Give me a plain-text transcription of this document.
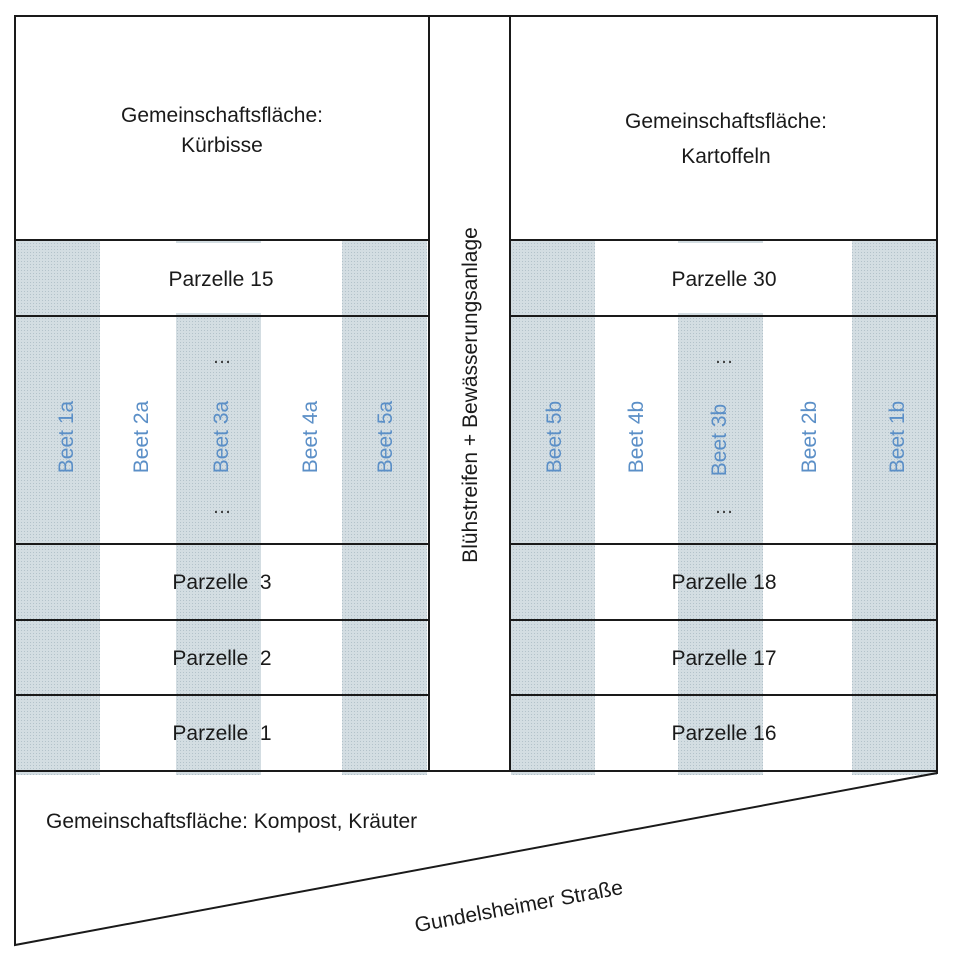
Gemeinschaftsfläche:
Kürbisse
Gemeinschaftsfläche:
Kartoffeln
Gemeinschaftsfläche: Kompost, Kräuter
Blühstreifen + Bewässerungsanlage
Gundelsheimer Straße
Parzelle 15
Parzelle  3
Parzelle  2
Parzelle  1
Parzelle 30
Parzelle 18
Parzelle 17
Parzelle 16
Beet 1a Beet 2a	Beet 3a	Beet 4a Beet 5a	Beet 5b	Beet 4b	Beet 3b	Beet 2b	Beet 1b
…
…
…
…
